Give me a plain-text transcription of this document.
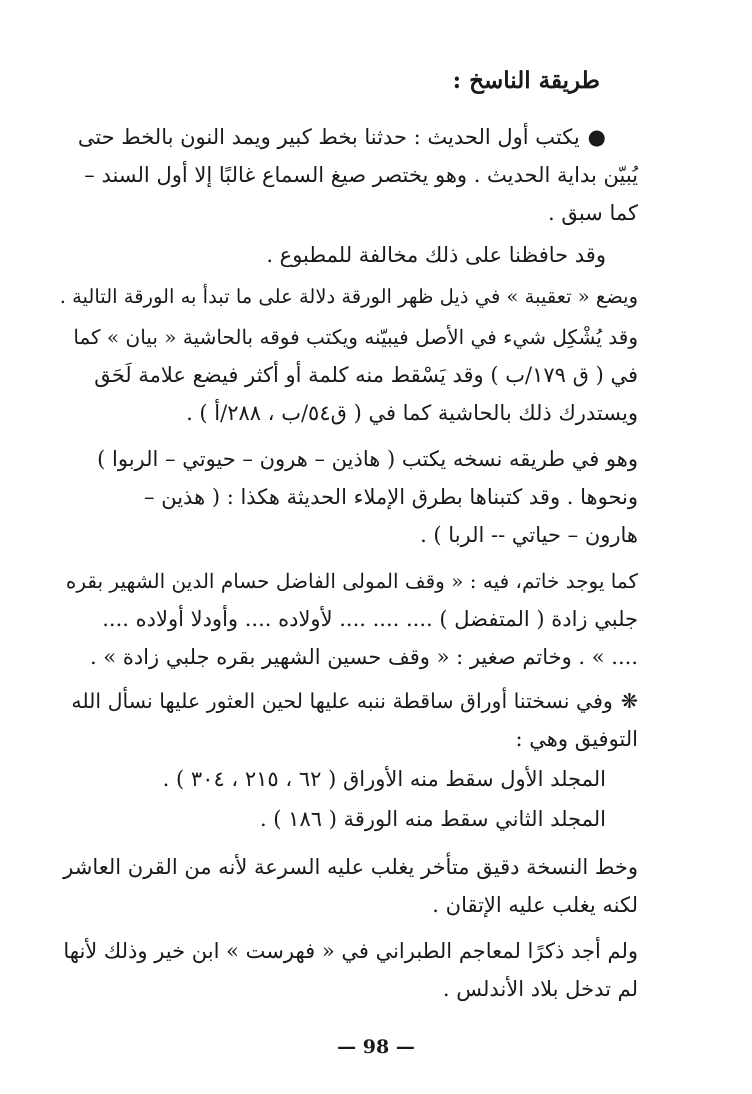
طريقة الناسخ :
●يكتب أول الحديث : حدثنا بخط كبير ويمد النون بالخط حتى
يُبيّن بداية الحديث . وهو يختصر صيغ السماع غالبًا إلا أول السند –
كما سبق .
وقد حافظنا على ذلك مخالفة للمطبوع .
ويضع « تعقيبة » في ذيل ظهر الورقة دلالة على ما تبدأ به الورقة التالية .
وقد يُشْكِل شيء في الأصل فيبيّنه ويكتب فوقه بالحاشية « بيان » كما
في ( ق ١٧٩/ب ) وقد يَسْقط منه كلمة أو أكثر فيضع علامة لَحَق
ويستدرك ذلك بالحاشية كما في ( ق٥٤/ب ، ٢٨٨/أ ) .
وهو في طريقه نسخه يكتب ( هاذين – هرون – حيوتي – الربوا )
ونحوها . وقد كتبناها بطرق الإملاء الحديثة هكذا : ( هذين –
هارون – حياتي -- الربا ) .
كما يوجد خاتم، فيه : « وقف المولى الفاضل حسام الدين الشهير بقره
جلبي زادة ( المتفضل ) .... .... .... لأولاده .... وأودلا أولاده ....
.... » . وخاتم صغير : « وقف حسين الشهير بقره جلبي زادة » .
❋وفي نسختنا أوراق ساقطة ننبه عليها لحين العثور عليها نسأل الله
التوفيق وهي :
المجلد الأول سقط منه الأوراق ( ٦٢ ، ٢١٥ ، ٣٠٤ ) .
المجلد الثاني سقط منه الورقة ( ١٨٦ ) .
وخط النسخة دقيق متأخر يغلب عليه السرعة لأنه من القرن العاشر
لكنه يغلب عليه الإتقان .
ولم أجد ذكرًا لمعاجم الطبراني في « فهرست » ابن خير وذلك لأنها
لم تدخل بلاد الأندلس .
— 98 —
